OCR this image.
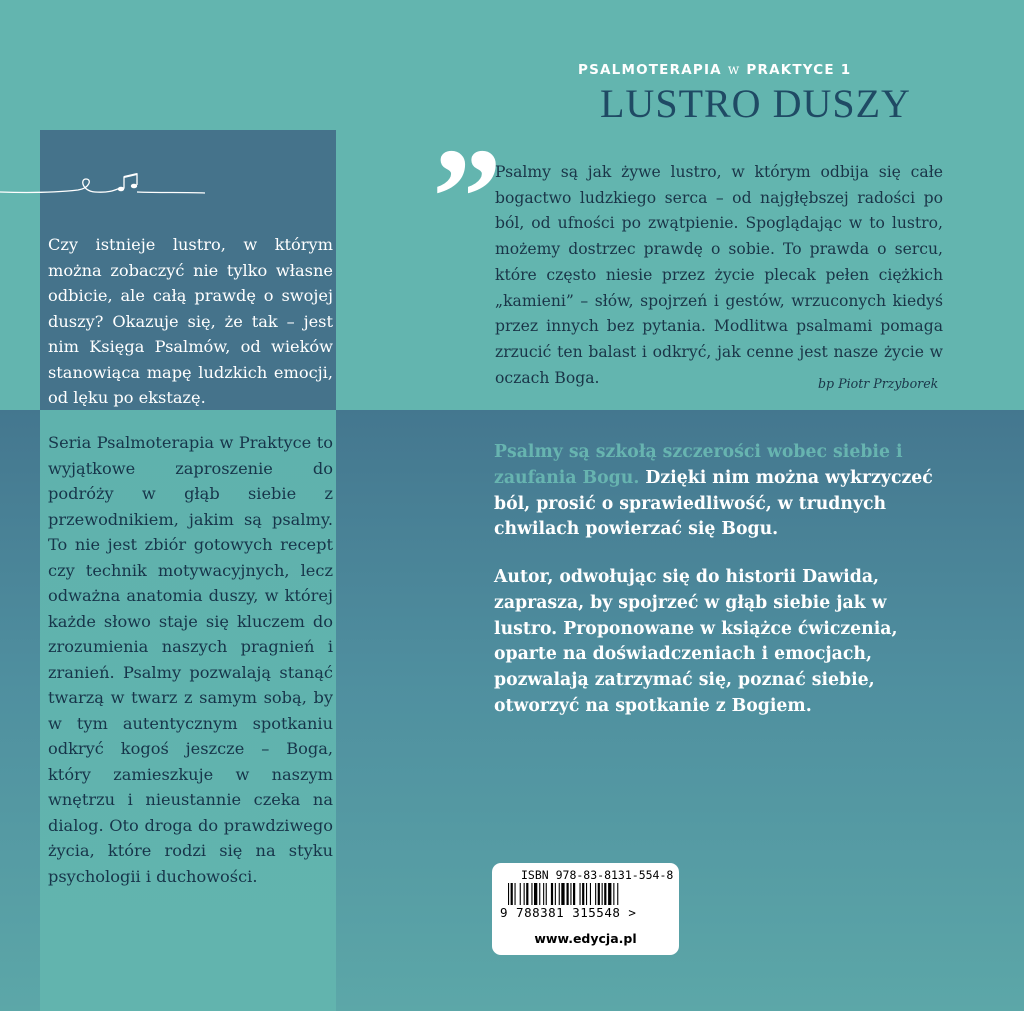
PSALMOTERAPIA w PRAKTYCE 1
LUSTRO DUSZY
Czy istnieje lustro, w którym można zobaczyć nie tylko własne odbicie, ale całą prawdę o swojej duszy? Okazuje się, że tak – jest nim Księga Psalmów, od wieków stanowiąca mapę ludzkich emocji, od lęku po ekstazę.
Seria Psalmoterapia w Praktyce to wyjątkowe zaproszenie do podróży w głąb siebie z przewodnikiem, jakim są psalmy. To nie jest zbiór gotowych recept czy technik motywacyjnych, lecz odważna anatomia duszy, w której każde słowo staje się kluczem do zrozumienia naszych pragnień i zranień. Psalmy pozwalają stanąć twarzą w twarz z samym sobą, by w tym autentycznym spotkaniu odkryć kogoś jeszcze – Boga, który zamieszkuje w naszym wnętrzu i nieustannie czeka na dialog. Oto droga do prawdziwego życia, które rodzi się na styku psychologii i duchowości.
”
Psalmy są jak żywe lustro, w którym odbija się całe bogactwo ludzkiego serca – od najgłębszej radości po ból, od ufności po zwątpienie. Spoglądając w to lustro, możemy dostrzec prawdę o sobie. To prawda o sercu, które często niesie przez życie plecak pełen ciężkich „kamieni” – słów, spojrzeń i gestów, wrzuconych kiedyś przez innych bez pytania. Modlitwa psalmami pomaga zrzucić ten balast i odkryć, jak cenne jest nasze życie w oczach Boga.	bp Piotr Przyborek
Psalmy są szkołą szczerości wobec siebie i zaufania Bogu. Dzięki nim można wykrzyczeć ból, prosić o sprawiedliwość, w trudnych chwilach powierzać się Bogu.
Autor, odwołując się do historii Dawida, zaprasza, by spojrzeć w głąb siebie jak w lustro. Proponowane w książce ćwiczenia, oparte na doświadczeniach i emocjach, pozwalają zatrzymać się, poznać siebie, otworzyć na spotkanie z Bogiem.
ISBN 978-83-8131-554-8
9 788381 315548 >
www.edycja.pl
